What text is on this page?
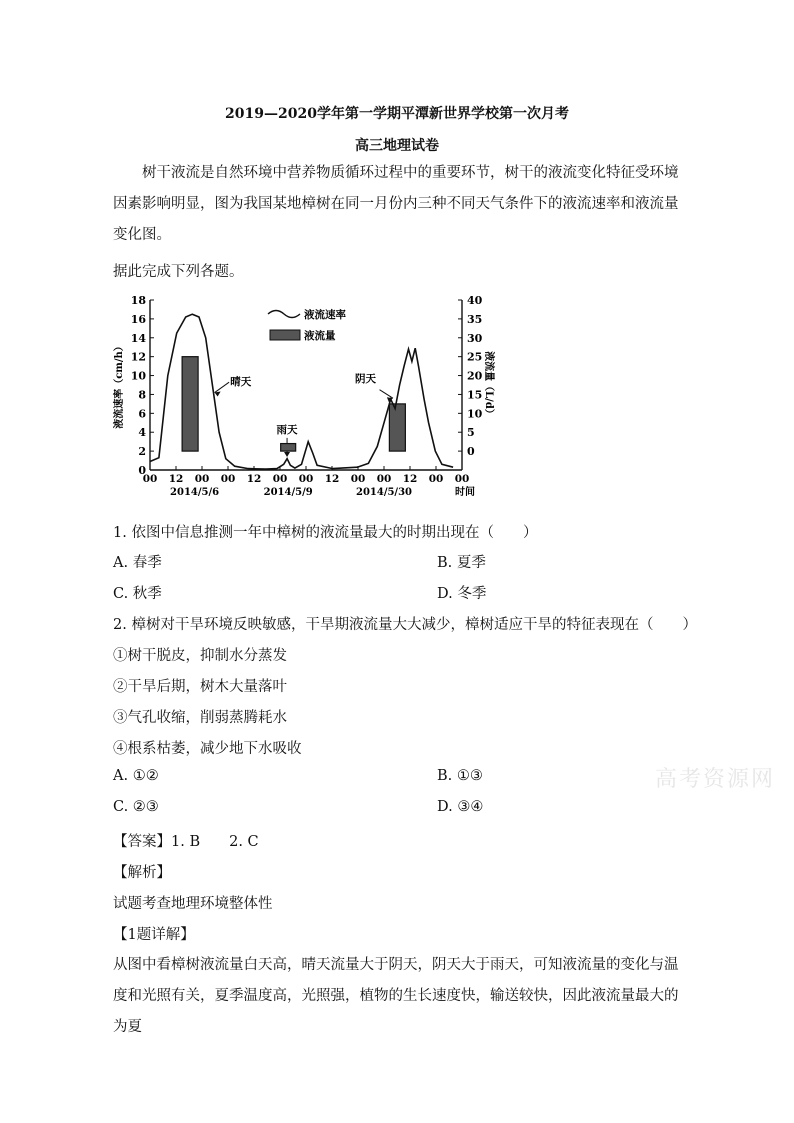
2019—2020学年第一学期平潭新世界学校第一次月考
高三地理试卷
树干液流是自然环境中营养物质循环过程中的重要环节，树干的液流变化特征受环境因素影响明显，图为我国某地樟树在同一月份内三种不同天气条件下的液流速率和液流量变化图。
据此完成下列各题。
0
2
4
6
8
10
12
14
16
18
0
5
10
15
20
25
30
35
40
液流速率（cm/h）	液流量（L/d）
00 12 00 00 12 00 00 12 00 00 12 00 00
2014/5/6	2014/5/9	2014/5/30	时间
液流速率
液流量
晴天
雨天
阴天
1. 依图中信息推测一年中樟树的液流量最大的时期出现在（　　）
A. 春季	B. 夏季
C. 秋季	D. 冬季
2. 樟树对干旱环境反映敏感，干旱期液流量大大减少，樟树适应干旱的特征表现在（　　）
①树干脱皮，抑制水分蒸发
②干旱后期，树木大量落叶
③气孔收缩，削弱蒸腾耗水
④根系枯萎，减少地下水吸收
A. ①②	B. ①③
C. ②③	D. ③④
【答案】1. B　　2. C
【解析】
试题考查地理环境整体性
【1题详解】
从图中看樟树液流量白天高，晴天流量大于阴天，阴天大于雨天，可知液流量的变化与温度和光照有关，夏季温度高，光照强，植物的生长速度快，输送较快，因此液流量最大的为夏
高考资源网
